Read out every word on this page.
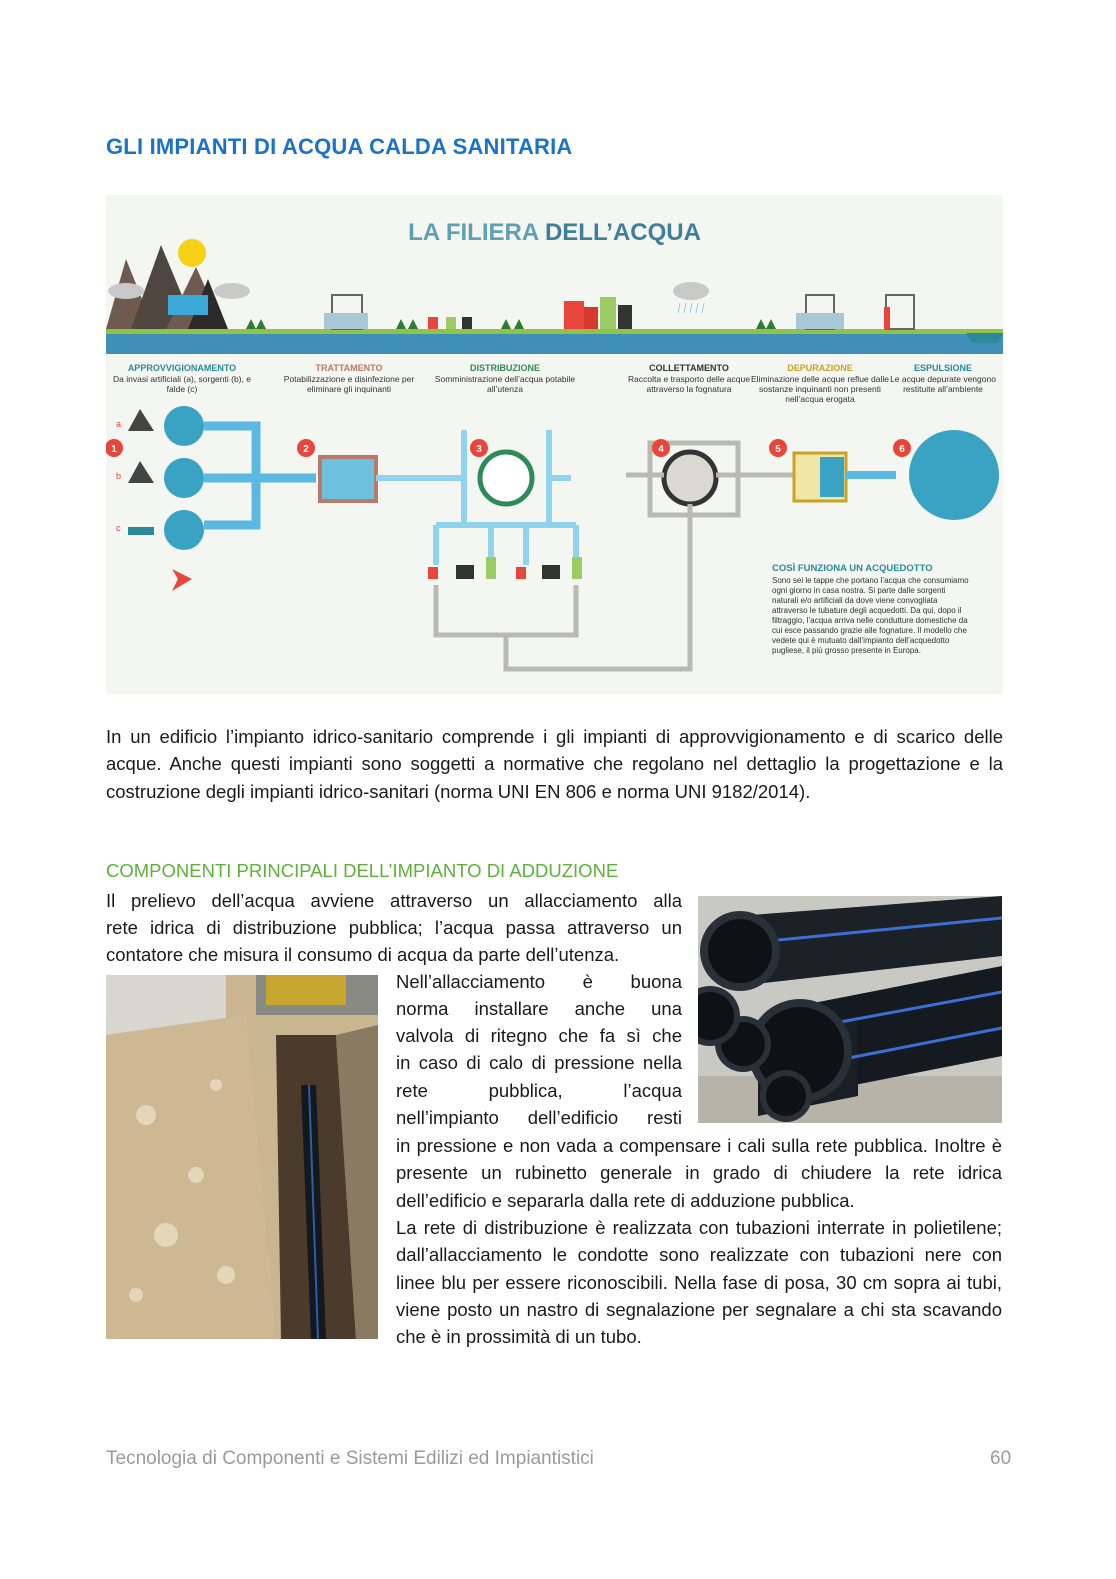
GLI IMPIANTI DI ACQUA CALDA SANITARIA
1	2	3	4	5	6
a
b
c
LA FILIERA DELL’ACQUA
APPROVVIGIONAMENTO
Da invasi artificiali (a), sorgenti (b), e falde (c)
TRATTAMENTO
Potabilizzazione e disinfezione per eliminare gli inquinanti
DISTRIBUZIONE
Somministrazione dell’acqua potabile all’utenza
COLLETTAMENTO
Raccolta e trasporto delle acque attraverso la fognatura
DEPURAZIONE
Eliminazione delle acque reflue dalle sostanze inquinanti non presenti nell’acqua erogata
ESPULSIONE
Le acque depurate vengono restituite all’ambiente
COSÌ FUNZIONA UN ACQUEDOTTO
Sono sei le tappe che portano l’acqua che consumiamo ogni giorno in casa nostra. Si parte dalle sorgenti naturali e/o artificiali da dove viene convogliata attraverso le tubature degli acquedotti. Da qui, dopo il filtraggio, l’acqua arriva nelle condutture domestiche da cui esce passando grazie alle fognature. Il modello che vedete qui è mutuato dall’impianto dell’acquedotto pugliese, il più grosso presente in Europa.
In un edificio l’impianto idrico-sanitario comprende i gli impianti di approvvigionamento e di scarico delle acque. Anche questi impianti sono soggetti a normative che regolano nel dettaglio la progettazione e la costruzione degli impianti idrico-sanitari (norma UNI EN 806 e norma UNI 9182/2014).
COMPONENTI PRINCIPALI DELL’IMPIANTO DI ADDUZIONE
Il prelievo dell’acqua avviene attraverso un allacciamento alla
rete idrica di distribuzione pubblica; l’acqua passa attraverso un
contatore che misura il consumo di acqua da parte dell’utenza.
Nell’allacciamento è buona
norma installare anche una
valvola di ritegno che fa sì che
in caso di calo di pressione nella
rete pubblica, l’acqua
nell’impianto dell’edificio resti
in pressione e non vada a compensare i cali sulla rete pubblica. Inoltre è presente un rubinetto generale in grado di chiudere la rete idrica dell’edificio e separarla dalla rete di adduzione pubblica.
La rete di distribuzione è realizzata con tubazioni interrate in polietilene; dall’allacciamento le condotte sono realizzate con tubazioni nere con linee blu per essere riconoscibili. Nella fase di posa, 30 cm sopra ai tubi, viene posto un nastro di segnalazione per segnalare a chi sta scavando che è in prossimità di un tubo.
Tecnologia di Componenti e Sistemi Edilizi ed Impiantistici	60
